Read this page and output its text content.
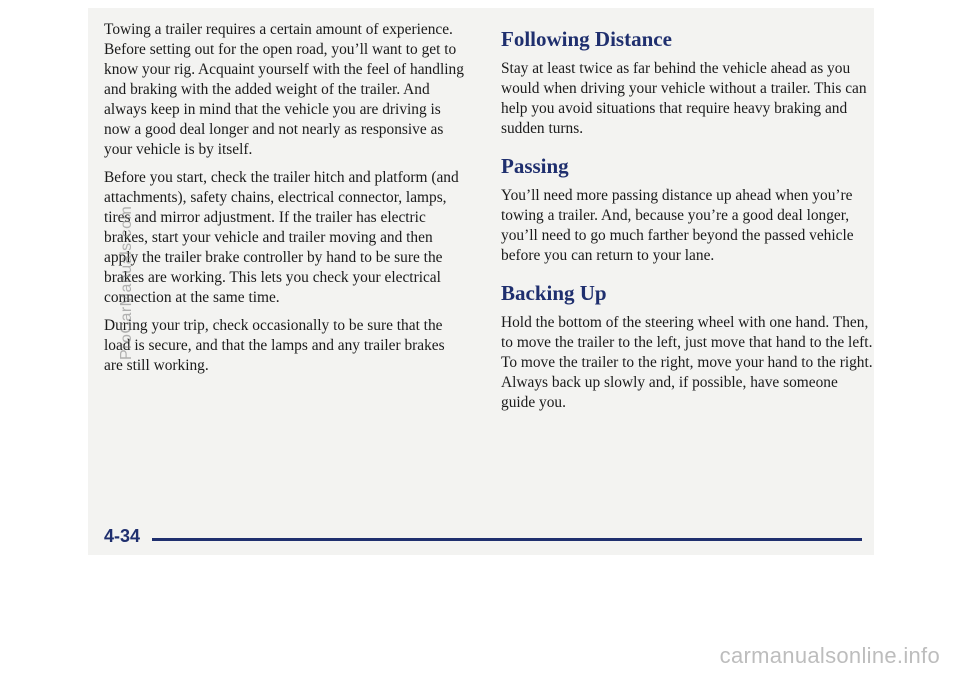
Towing a trailer requires a certain amount of experience. Before setting out for the open road, you’ll want to get to know your rig. Acquaint yourself with the feel of handling and braking with the added weight of the trailer. And always keep in mind that the vehicle you are driving is now a good deal longer and not nearly as responsive as your vehicle is by itself.

Before you start, check the trailer hitch and platform (and attachments), safety chains, electrical connector, lamps, tires and mirror adjustment. If the trailer has electric brakes, start your vehicle and trailer moving and then apply the trailer brake controller by hand to be sure the brakes are working. This lets you check your electrical connection at the same time.

During your trip, check occasionally to be sure that the load is secure, and that the lamps and any trailer brakes are still working.

Following Distance

Stay at least twice as far behind the vehicle ahead as you would when driving your vehicle without a trailer. This can help you avoid situations that require heavy braking and sudden turns.

Passing

You’ll need more passing distance up ahead when you’re towing a trailer. And, because you’re a good deal longer, you’ll need to go much farther beyond the passed vehicle before you can return to your lane.

Backing Up

Hold the bottom of the steering wheel with one hand. Then, to move the trailer to the left, just move that hand to the left. To move the trailer to the right, move your hand to the right. Always back up slowly and, if possible, have someone guide you.

4-34
ProCarManuals.com
carmanualsonline.info
